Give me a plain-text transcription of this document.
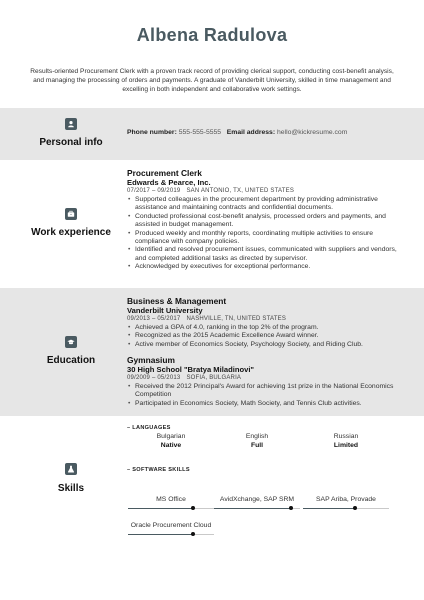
Albena Radulova
Results-oriented Procurement Clerk with a proven track record of providing clerical support, conducting cost-benefit analysis, and managing the processing of orders and payments. A graduate of Vanderbilt University, skilled in time management and excelling in both independent and collaborative work settings.
Personal info
Phone number: 555-555-5555 Email address: hello@kickresume.com
Work experience
Procurement Clerk
Edwards & Pearce, Inc.
07/2017 – 09/2019 SAN ANTONIO, TX, UNITED STATES
• Supported colleagues in the procurement department by providing administrative assistance and maintaining contracts and confidential documents.
• Conducted professional cost-benefit analysis, processed orders and payments, and assisted in budget management.
• Produced weekly and monthly reports, coordinating multiple activities to ensure compliance with company policies.
• Identified and resolved procurement issues, communicated with suppliers and vendors, and completed additional tasks as directed by supervisor.
• Acknowledged by executives for exceptional performance.
Education
Business & Management
Vanderbilt University
09/2013 – 05/2017 NASHVILLE, TN, UNITED STATES
• Achieved a GPA of 4.0, ranking in the top 2% of the program.
• Recognized as the 2015 Academic Excellence Award winner.
• Active member of Economics Society, Psychology Society, and Riding Club.
Gymnasium
30 High School "Bratya Miladinovi"
09/2009 – 05/2013 SOFIA, BULGARIA
• Received the 2012 Principal's Award for achieving 1st prize in the National Economics Competition
• Participated in Economics Society, Math Society, and Tennis Club activities.
Skills
– LANGUAGES
Bulgarian
Native
English
Full
Russian
Limited
– SOFTWARE SKILLS
MS Office	AvidXchange, SAP SRM	SAP Ariba, Provade
Oracle Procurement Cloud
